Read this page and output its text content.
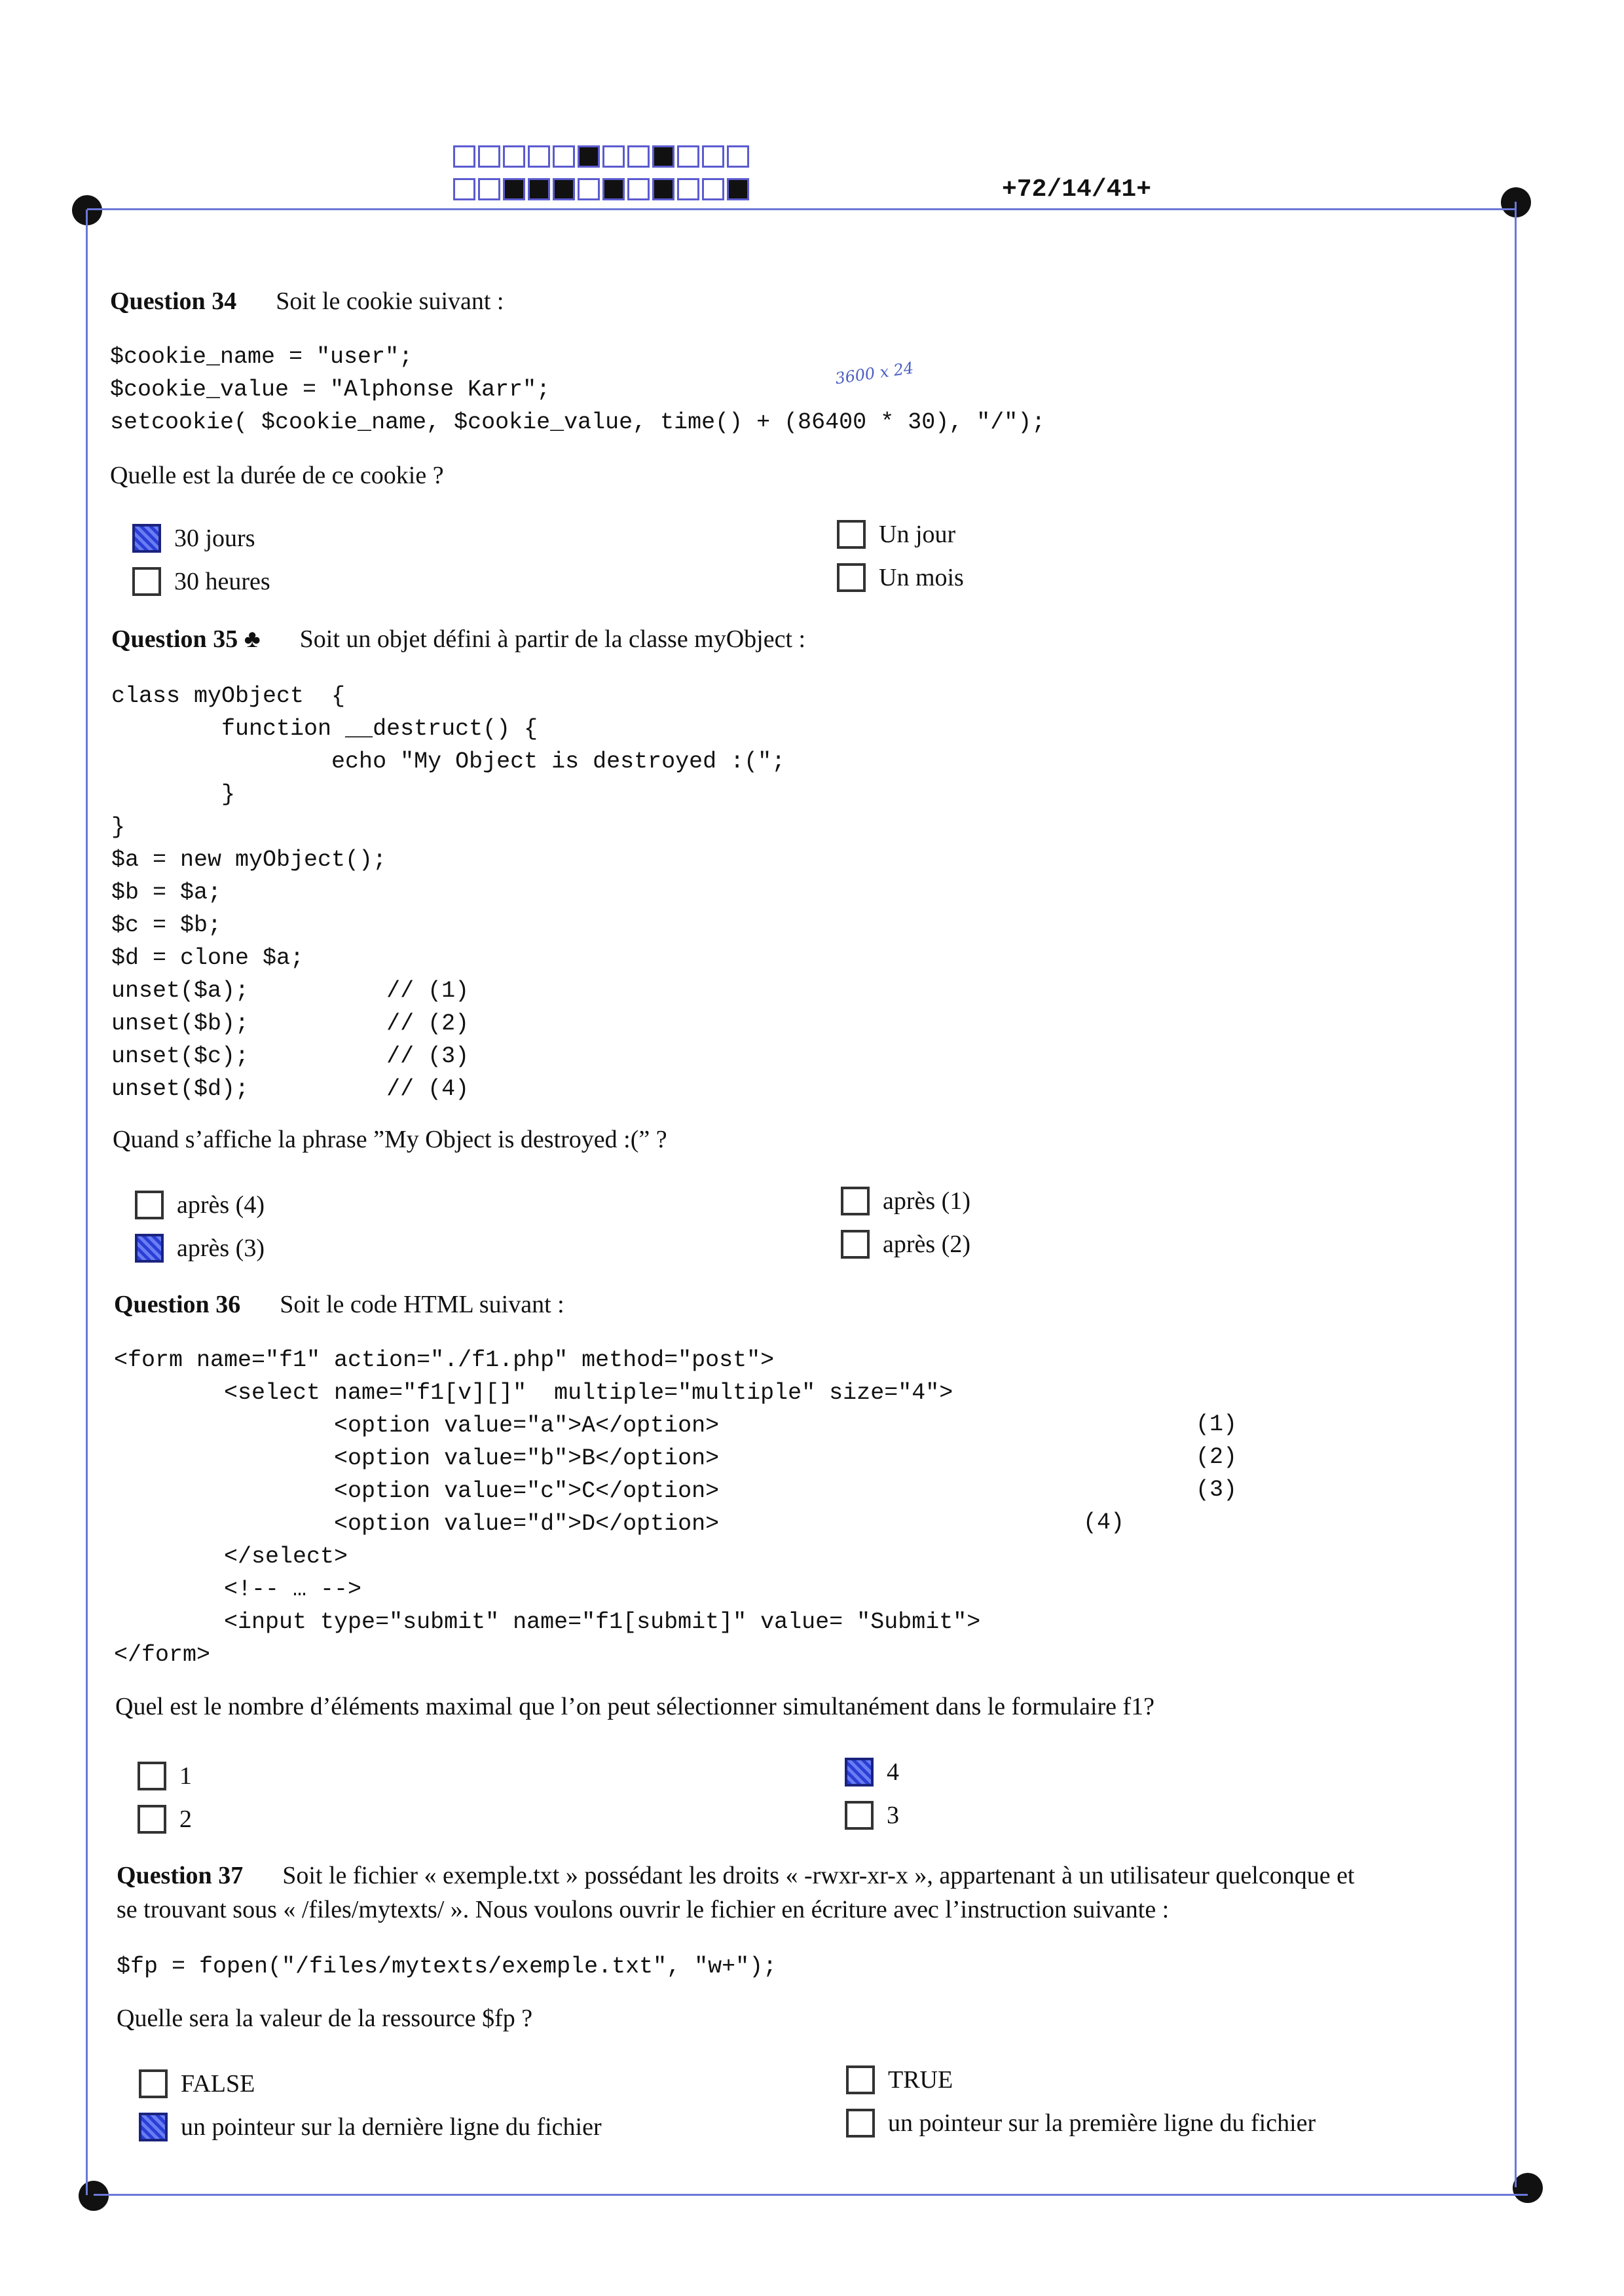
+72/14/41+
Question 34 Soit le cookie suivant :
$cookie_name = "user";
$cookie_value = "Alphonse Karr";
setcookie( $cookie_name, $cookie_value, time() + (86400 * 30), "/");
3600 x 24
Quelle est la durée de ce cookie ?
30 jours
30 heures
Un jour
Un mois
Question 35 ♣ Soit un objet défini à partir de la classe myObject :
class myObject  {
function __destruct() {
echo "My Object is destroyed :(";
}
}
$a = new myObject();
$b = $a;
$c = $b;
$d = clone $a;
unset($a);          // (1)
unset($b);          // (2)
unset($c);          // (3)
unset($d);          // (4)
Quand s’affiche la phrase ”My Object is destroyed :(” ?
après (4)
après (3)
après (1)
après (2)
Question 36 Soit le code HTML suivant :
<form name="f1" action="./f1.php" method="post">
<select name="f1[v][]"  multiple="multiple" size="4">
<option value="a">A</option>
<option value="b">B</option>
<option value="c">C</option>
<option value="d">D</option>
</select>
<!-- … -->
<input type="submit" name="f1[submit]" value= "Submit">
</form>
(1)
(2)
(3)
(4)
Quel est le nombre d’éléments maximal que l’on peut sélectionner simultanément dans le formulaire f1?
1
2
4
3
Question 37 Soit le fichier « exemple.txt » possédant les droits « -rwxr-xr-x », appartenant à un utilisateur quelconque et
se trouvant sous « /files/mytexts/ ». Nous voulons ouvrir le fichier en écriture avec l’instruction suivante :
$fp = fopen("/files/mytexts/exemple.txt", "w+");
Quelle sera la valeur de la ressource $fp ?
FALSE
un pointeur sur la dernière ligne du fichier
TRUE
un pointeur sur la première ligne du fichier
